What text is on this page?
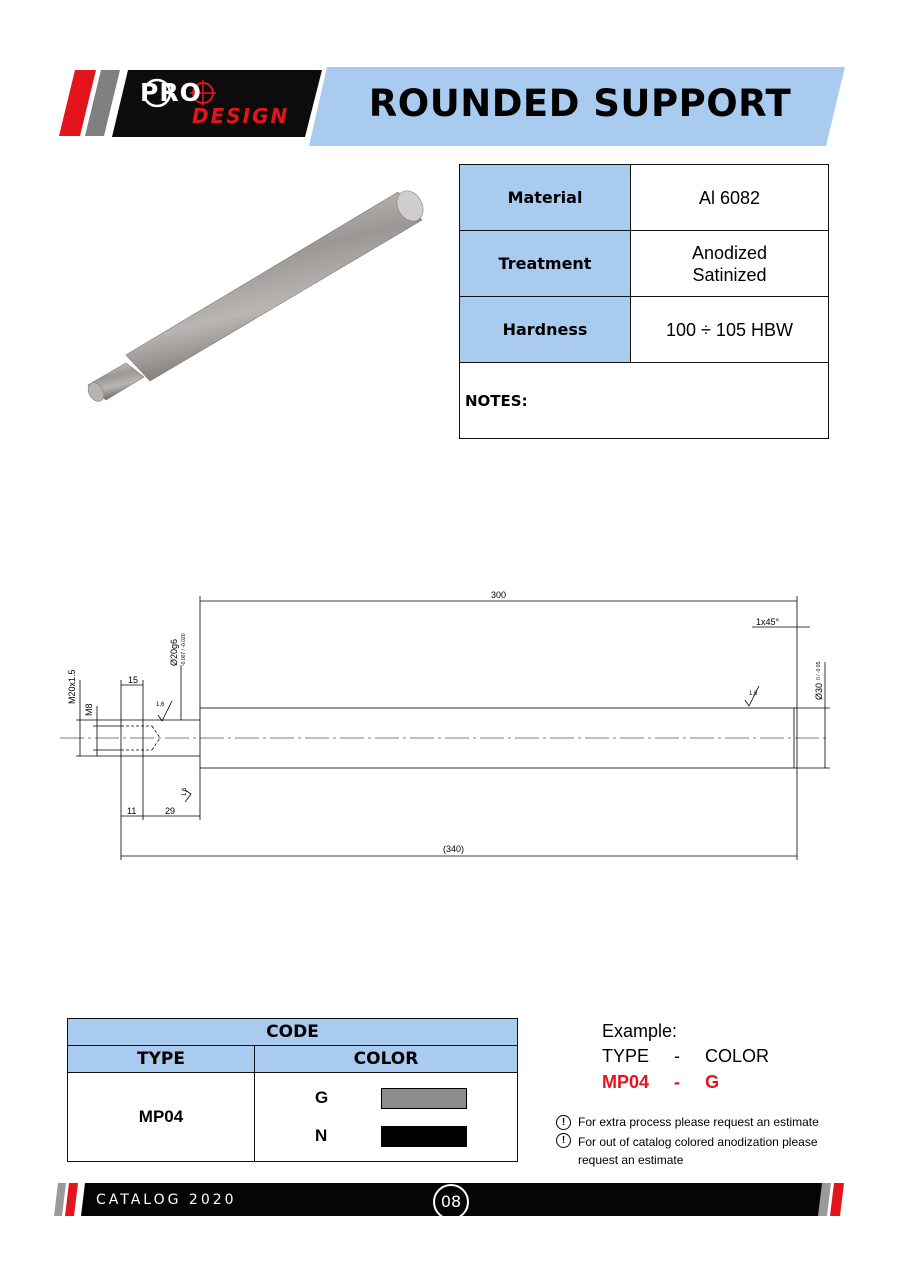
PRO
DESIGN	ROUNDED SUPPORT
Material	Al 6082
Treatment	Anodized
Satinized

Hardness	100 ÷ 105 HBW
NOTES:	
300
(340)
15
11	29
1x45°
1,6
1,6
1,6
M20x1.5
M8
Ø20g6 -0.007 / -0.020
Ø30
0 / -0.05
CODE	
TYPE	COLOR
MP04	G
N
Example:
TYPE - COLOR
MP04 - G
!	For extra process please request an estimate
!	For out of catalog colored anodization please
request an estimate
CATALOG 2020	08
